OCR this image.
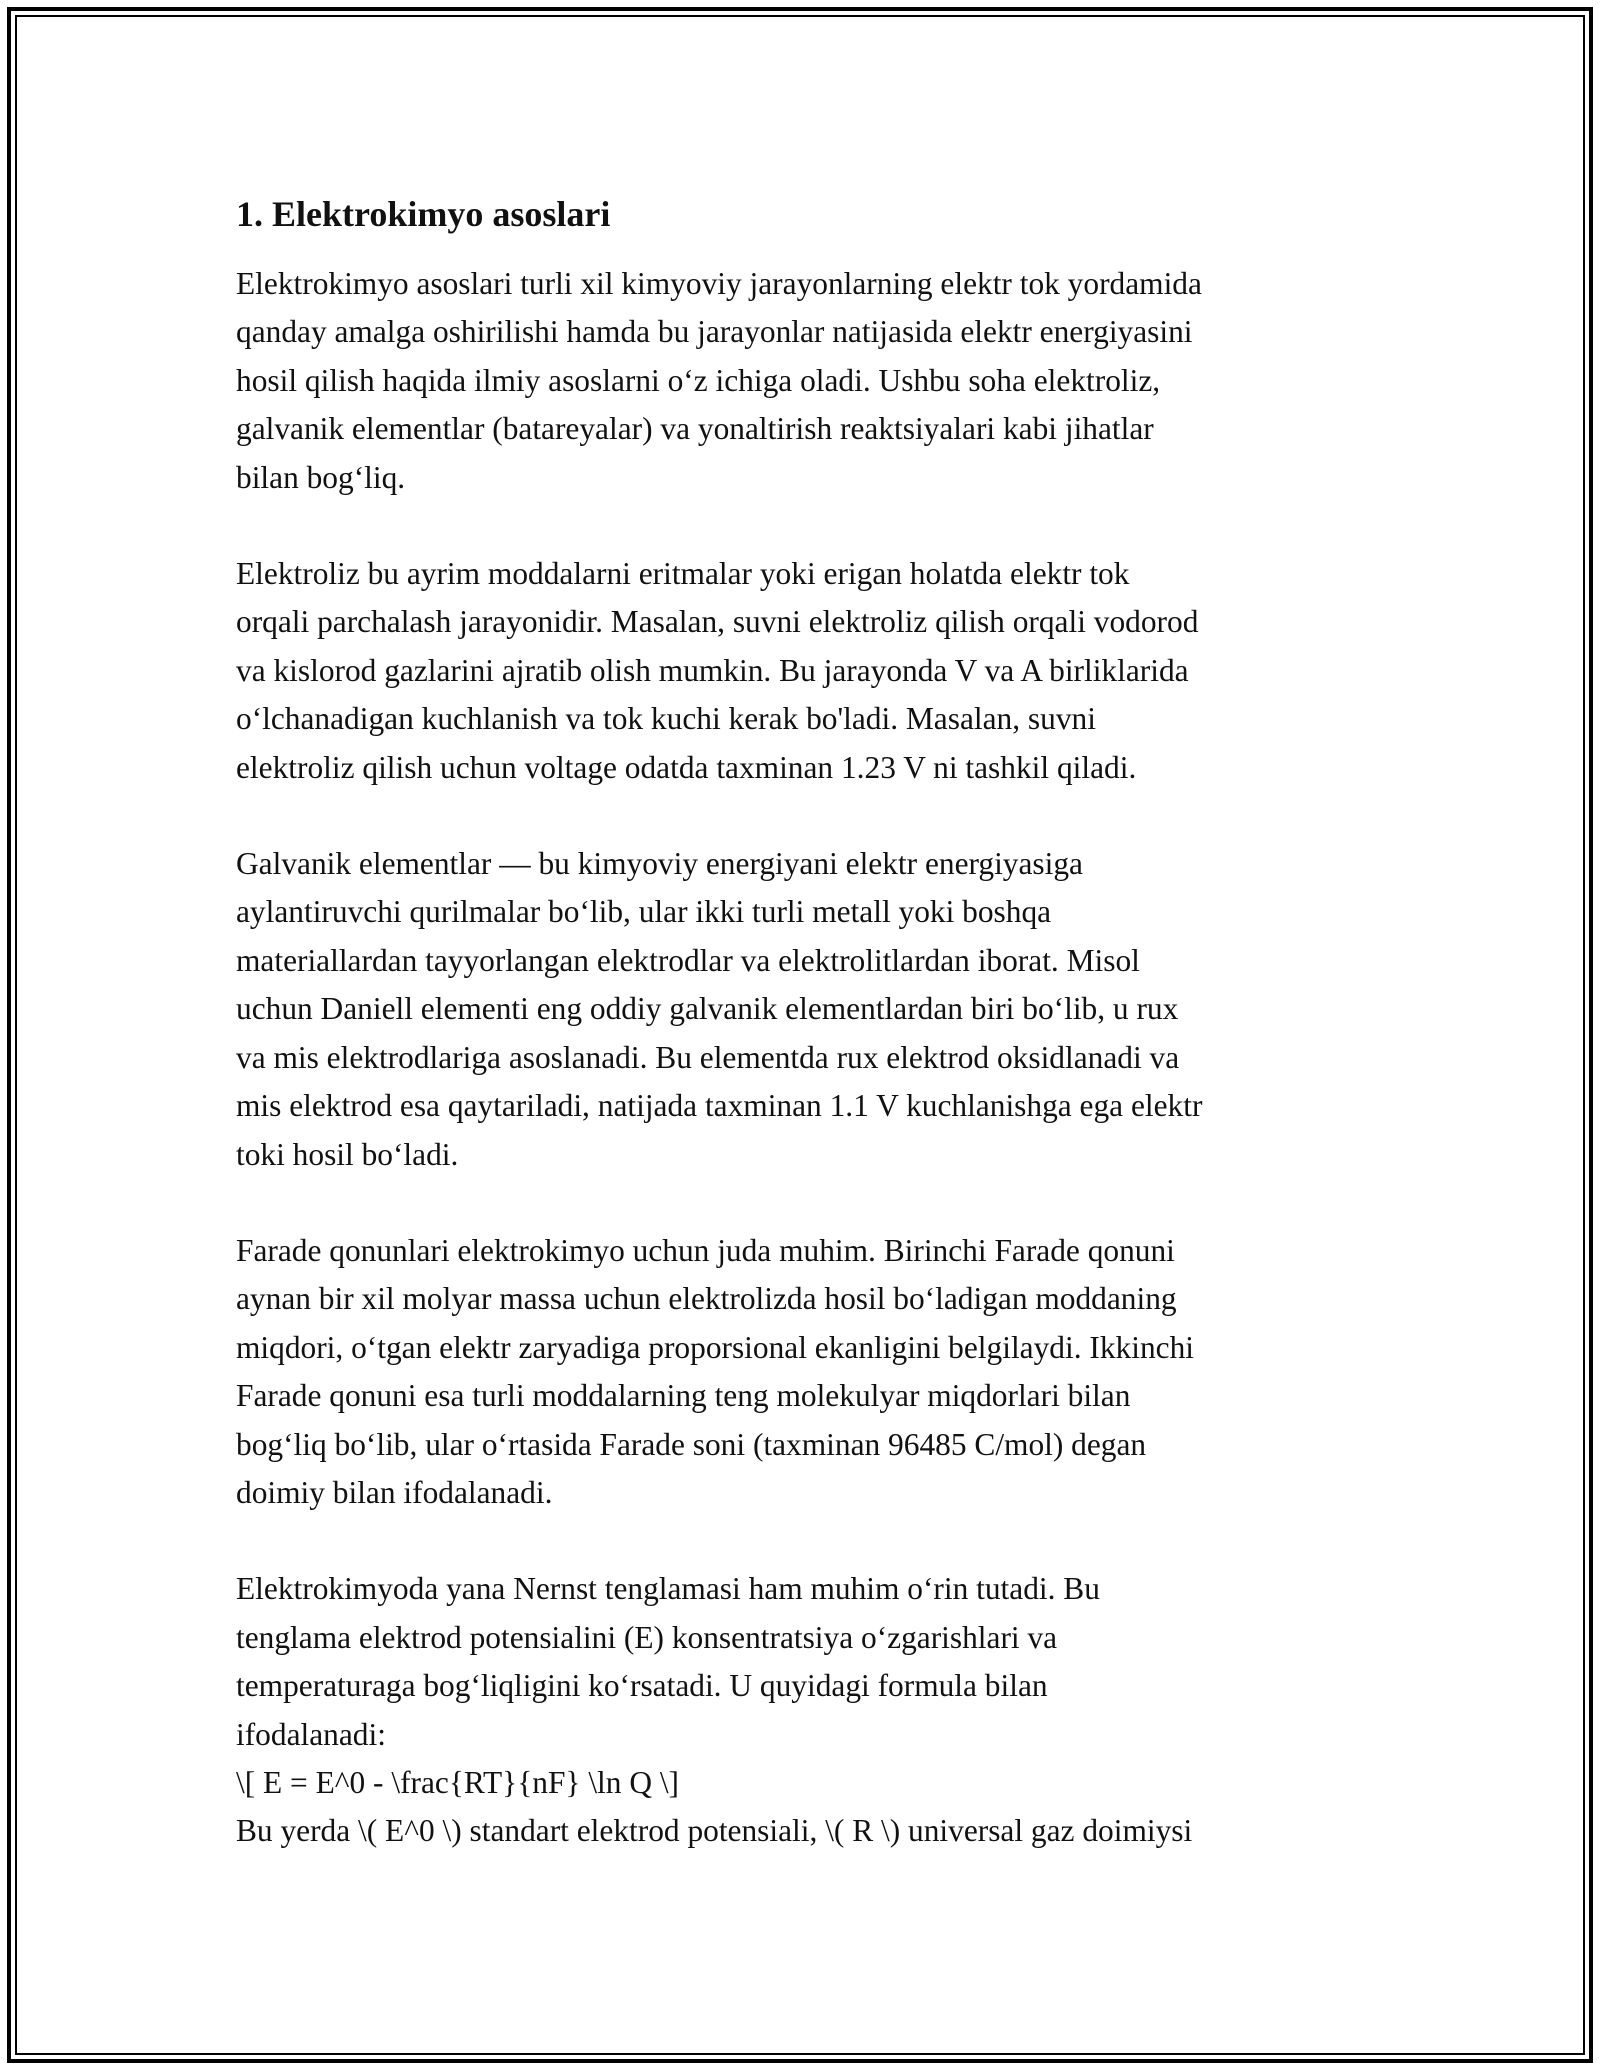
1. Elektrokimyo asoslari

Elektrokimyo asoslari turli xil kimyoviy jarayonlarning elektr tok yordamida
qanday amalga oshirilishi hamda bu jarayonlar natijasida elektr energiyasini
hosil qilish haqida ilmiy asoslarni o‘z ichiga oladi. Ushbu soha elektroliz,
galvanik elementlar (batareyalar) va yonaltirish reaktsiyalari kabi jihatlar
bilan bog‘liq.

Elektroliz bu ayrim moddalarni eritmalar yoki erigan holatda elektr tok
orqali parchalash jarayonidir. Masalan, suvni elektroliz qilish orqali vodorod
va kislorod gazlarini ajratib olish mumkin. Bu jarayonda V va A birliklarida
o‘lchanadigan kuchlanish va tok kuchi kerak bo'ladi. Masalan, suvni
elektroliz qilish uchun voltage odatda taxminan 1.23 V ni tashkil qiladi.

Galvanik elementlar — bu kimyoviy energiyani elektr energiyasiga
aylantiruvchi qurilmalar bo‘lib, ular ikki turli metall yoki boshqa
materiallardan tayyorlangan elektrodlar va elektrolitlardan iborat. Misol
uchun Daniell elementi eng oddiy galvanik elementlardan biri bo‘lib, u rux
va mis elektrodlariga asoslanadi. Bu elementda rux elektrod oksidlanadi va
mis elektrod esa qaytariladi, natijada taxminan 1.1 V kuchlanishga ega elektr
toki hosil bo‘ladi.

Farade qonunlari elektrokimyo uchun juda muhim. Birinchi Farade qonuni
aynan bir xil molyar massa uchun elektrolizda hosil bo‘ladigan moddaning
miqdori, o‘tgan elektr zaryadiga proporsional ekanligini belgilaydi. Ikkinchi
Farade qonuni esa turli moddalarning teng molekulyar miqdorlari bilan
bog‘liq bo‘lib, ular o‘rtasida Farade soni (taxminan 96485 C/mol) degan
doimiy bilan ifodalanadi.

Elektrokimyoda yana Nernst tenglamasi ham muhim o‘rin tutadi. Bu
tenglama elektrod potensialini (E) konsentratsiya o‘zgarishlari va
temperaturaga bog‘liqligini ko‘rsatadi. U quyidagi formula bilan
ifodalanadi:
\[ E = E^0 - \frac{RT}{nF} \ln Q \]
Bu yerda \( E^0 \) standart elektrod potensiali, \( R \) universal gaz doimiysi
